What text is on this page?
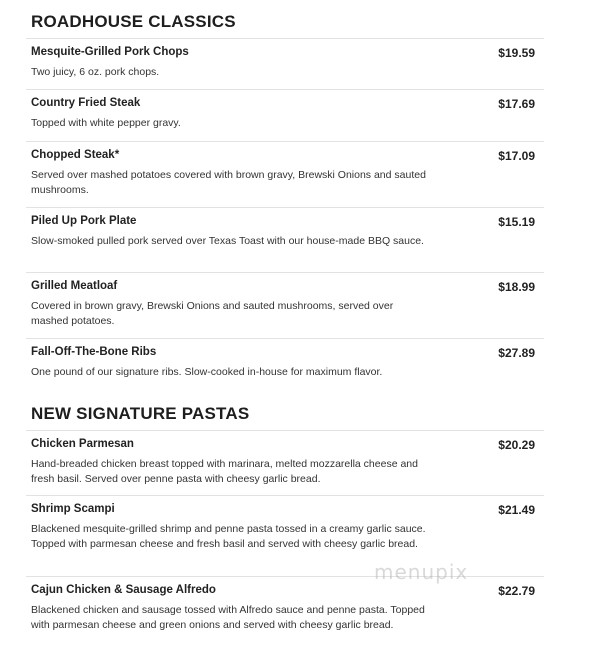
ROADHOUSE CLASSICS
Mesquite-Grilled Pork Chops	$19.59
Two juicy, 6 oz. pork chops.
Country Fried Steak	$17.69
Topped with white pepper gravy.
Chopped Steak*	$17.09
Served over mashed potatoes covered with brown gravy, Brewski Onions and sauted mushrooms.
Piled Up Pork Plate	$15.19
Slow-smoked pulled pork served over Texas Toast with our house-made BBQ sauce.
Grilled Meatloaf	$18.99
Covered in brown gravy, Brewski Onions and sauted mushrooms, served over mashed potatoes.
Fall-Off-The-Bone Ribs	$27.89
One pound of our signature ribs. Slow-cooked in-house for maximum flavor.
NEW SIGNATURE PASTAS
Chicken Parmesan	$20.29
Hand-breaded chicken breast topped with marinara, melted mozzarella cheese and fresh basil. Served over penne pasta with cheesy garlic bread.
Shrimp Scampi	$21.49
Blackened mesquite-grilled shrimp and penne pasta tossed in a creamy garlic sauce. Topped with parmesan cheese and fresh basil and served with cheesy garlic bread.
Cajun Chicken & Sausage Alfredo	$22.79
Blackened chicken and sausage tossed with Alfredo sauce and penne pasta. Topped with parmesan cheese and green onions and served with cheesy garlic bread.
menupix
